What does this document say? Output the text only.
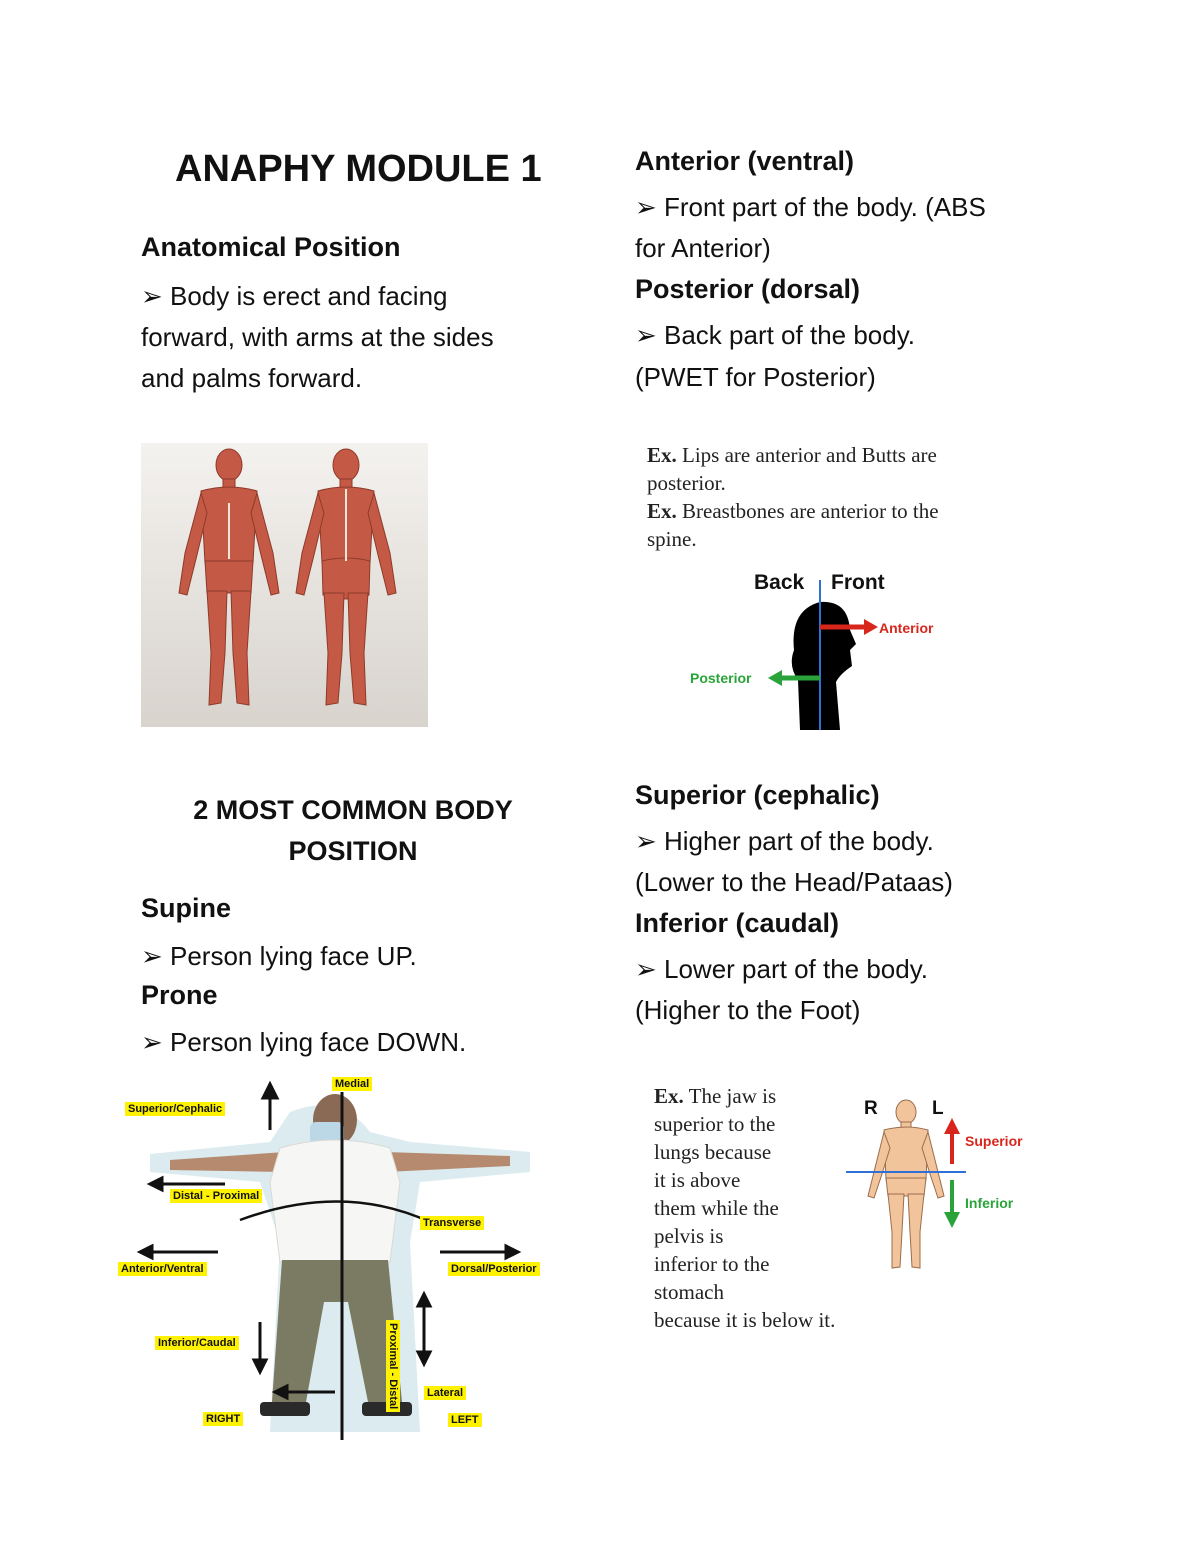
ANAPHY MODULE 1
Anatomical Position
➢ Body is erect and facing
forward, with arms at the sides
and palms forward.
2 MOST COMMON BODY
POSITION
Supine
➢ Person lying face UP.
Prone
➢ Person lying face DOWN.
Medial
Superior/Cephalic
Distal - Proximal
Transverse
Anterior/Ventral	Dorsal/Posterior
Proximal - Distal
Inferior/Caudal
Lateral
RIGHT	LEFT
Anterior (ventral)
➢ Front part of the body. (ABS
for Anterior)
Posterior (dorsal)
➢ Back part of the body.
(PWET for Posterior)
Ex. Lips are anterior and Butts are
posterior.
Ex. Breastbones are anterior to the
spine.
Back Front
Anterior
Posterior
Superior (cephalic)
➢ Higher part of the body.
(Lower to the Head/Pataas)
Inferior (caudal)
➢ Lower part of the body.
(Higher to the Foot)
Ex. The jaw is
superior to the
lungs because
it is above
them while the
pelvis is
inferior to the
stomach
because it is below it.
R	L
Superior
Inferior
